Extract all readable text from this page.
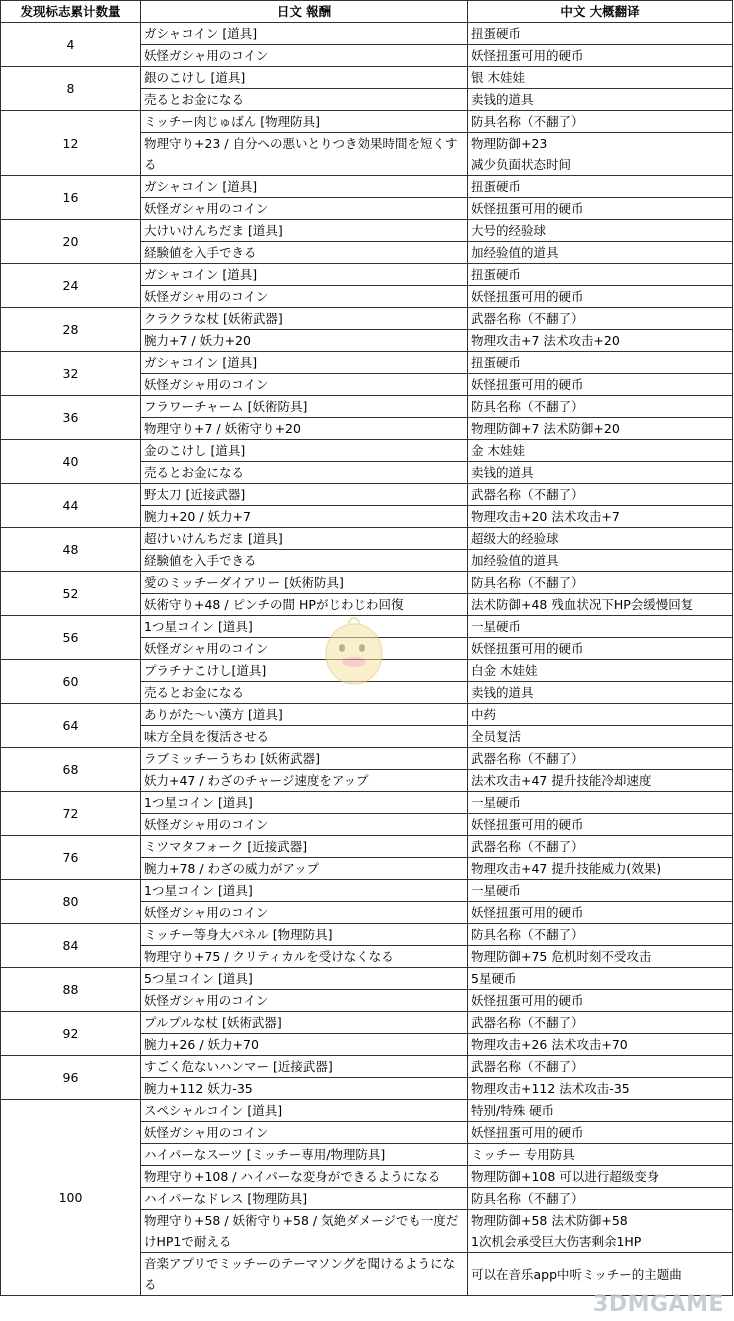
发现标志累计数量	日文 報酬	中文 大概翻译
4	ガシャコイン [道具]	扭蛋硬币
	妖怪ガシャ用のコイン	妖怪扭蛋可用的硬币
8	銀のこけし [道具]	银 木娃娃
	売るとお金になる	卖钱的道具
12	ミッチー肉じゅばん [物理防具]	防具名称（不翻了）
	物理守り+23 / 自分への悪いとりつき効果時間を短くする	物理防御+23
减少负面状态时间
16	ガシャコイン [道具]	扭蛋硬币
	妖怪ガシャ用のコイン	妖怪扭蛋可用的硬币
20	大けいけんちだま [道具]	大号的经验球
	経験値を入手できる	加经验值的道具
24	ガシャコイン [道具]	扭蛋硬币
	妖怪ガシャ用のコイン	妖怪扭蛋可用的硬币
28	クラクラな杖 [妖術武器]	武器名称（不翻了）
	腕力+7 / 妖力+20	物理攻击+7 法术攻击+20
32	ガシャコイン [道具]	扭蛋硬币
	妖怪ガシャ用のコイン	妖怪扭蛋可用的硬币
36	フラワーチャーム [妖術防具]	防具名称（不翻了）
	物理守り+7 / 妖術守り+20	物理防御+7 法术防御+20
40	金のこけし [道具]	金 木娃娃
	売るとお金になる	卖钱的道具
44	野太刀 [近接武器]	武器名称（不翻了）
	腕力+20 / 妖力+7	物理攻击+20 法术攻击+7
48	超けいけんちだま [道具]	超级大的经验球
	経験値を入手できる	加经验值的道具
52	愛のミッチーダイアリー [妖術防具]	防具名称（不翻了）
	妖術守り+48 / ピンチの間 HPがじわじわ回復	法术防御+48 残血状况下HP会缓慢回复
56	1つ星コイン [道具]	一星硬币
	妖怪ガシャ用のコイン	妖怪扭蛋可用的硬币
60	プラチナこけし[道具]	白金 木娃娃
	売るとお金になる	卖钱的道具
64	ありがた～い漢方 [道具]	中药
	味方全員を復活させる	全员复活
68	ラブミッチーうちわ [妖術武器]	武器名称（不翻了）
	妖力+47 / わざのチャージ速度をアップ	法术攻击+47 提升技能冷却速度
72	1つ星コイン [道具]	一星硬币
	妖怪ガシャ用のコイン	妖怪扭蛋可用的硬币
76	ミツマタフォーク [近接武器]	武器名称（不翻了）
	腕力+78 / わざの威力がアップ	物理攻击+47 提升技能威力(效果)
80	1つ星コイン [道具]	一星硬币
	妖怪ガシャ用のコイン	妖怪扭蛋可用的硬币
84	ミッチー等身大パネル [物理防具]	防具名称（不翻了）
	物理守り+75 / クリティカルを受けなくなる	物理防御+75 危机时刻不受攻击
88	5つ星コイン [道具]	5星硬币
	妖怪ガシャ用のコイン	妖怪扭蛋可用的硬币
92	プルプルな杖 [妖術武器]	武器名称（不翻了）
	腕力+26 / 妖力+70	物理攻击+26 法术攻击+70
96	すごく危ないハンマー [近接武器]	武器名称（不翻了）
	腕力+112 妖力-35	物理攻击+112 法术攻击-35
100	スペシャルコイン [道具]	特别/特殊 硬币
	妖怪ガシャ用のコイン	妖怪扭蛋可用的硬币
	ハイパーなスーツ [ミッチー専用/物理防具]	ミッチー 专用防具
	物理守り+108 / ハイパーな変身ができるようになる	物理防御+108 可以进行超级变身
	ハイパーなドレス [物理防具]	防具名称（不翻了）
	物理守り+58 / 妖術守り+58 / 気絶ダメージでも一度だけHP1で耐える	物理防御+58 法术防御+58
1次机会承受巨大伤害剩余1HP
	音楽アプリでミッチーのテーマソングを聞けるようになる	可以在音乐app中听ミッチー的主题曲
3DMGAME
